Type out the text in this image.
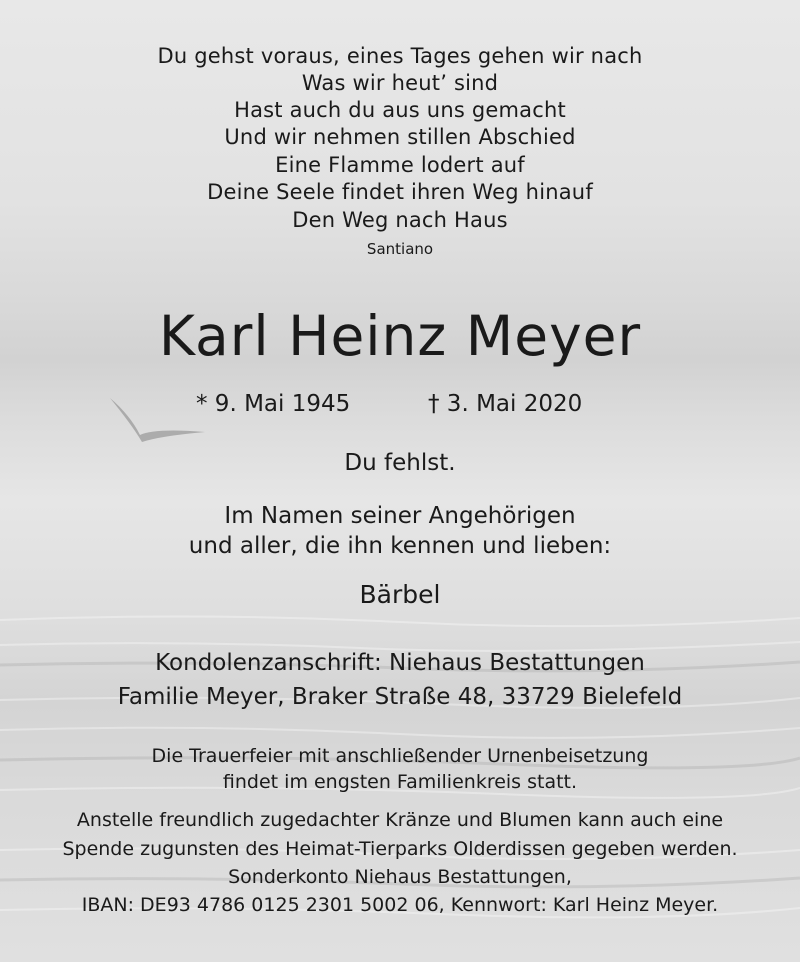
Du gehst voraus, eines Tages gehen wir nach
Was wir heut’ sind
Hast auch du aus uns gemacht
Und wir nehmen stillen Abschied
Eine Flamme lodert auf
Deine Seele findet ihren Weg hinauf
Den Weg nach Haus
Santiano
Karl Heinz Meyer
* 9. Mai 1945	† 3. Mai 2020
Du fehlst.
Im Namen seiner Angehörigen
und aller, die ihn kennen und lieben:
Bärbel
Kondolenzanschrift: Niehaus Bestattungen
Familie Meyer, Braker Straße 48, 33729 Bielefeld
Die Trauerfeier mit anschließender Urnenbeisetzung
findet im engsten Familienkreis statt.
Anstelle freundlich zugedachter Kränze und Blumen kann auch eine
Spende zugunsten des Heimat-Tierparks Olderdissen gegeben werden.
Sonderkonto Niehaus Bestattungen,
IBAN: DE93 4786 0125 2301 5002 06, Kennwort: Karl Heinz Meyer.
